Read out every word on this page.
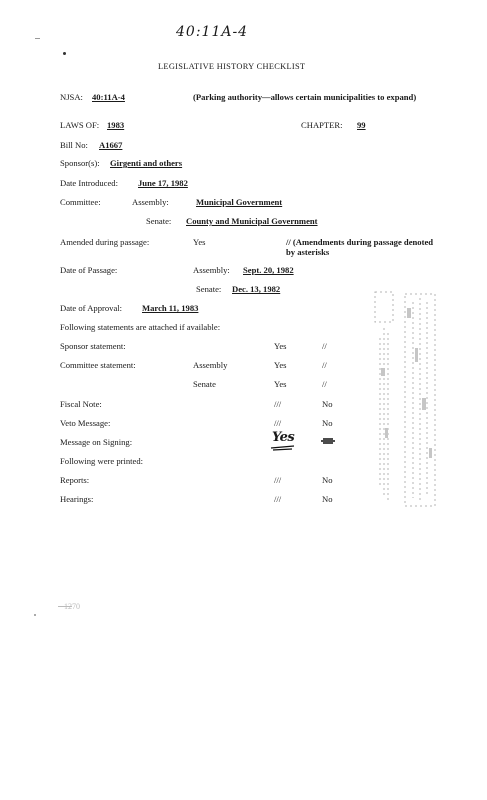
40:11A-4
LEGISLATIVE HISTORY CHECKLIST
NJSA: 40:11A-4	(Parking authority—allows certain municipalities to expand)
LAWS OF: 1983	CHAPTER: 99
Bill No: A1667
Sponsor(s): Girgenti and others
Date Introduced: June 17, 1982
Committee:	Assembly:	Municipal Government
Senate: County and Municipal Government
Amended during passage:	Yes	// (Amendments during passage denoted by asterisks
Date of Passage:	Assembly: Sept. 20, 1982
Senate: Dec. 13, 1982
Date of Approval: March 11, 1983
Following statements are attached if available:
Sponsor statement:	Yes	//
Committee statement:	Assembly	Yes	//
Senate	Yes	//
Fiscal Note:	///	No
Veto Message:	///	No
Message on Signing:	Yes
Following were printed:
Reports:	///	No
Hearings:	///	No
1270
